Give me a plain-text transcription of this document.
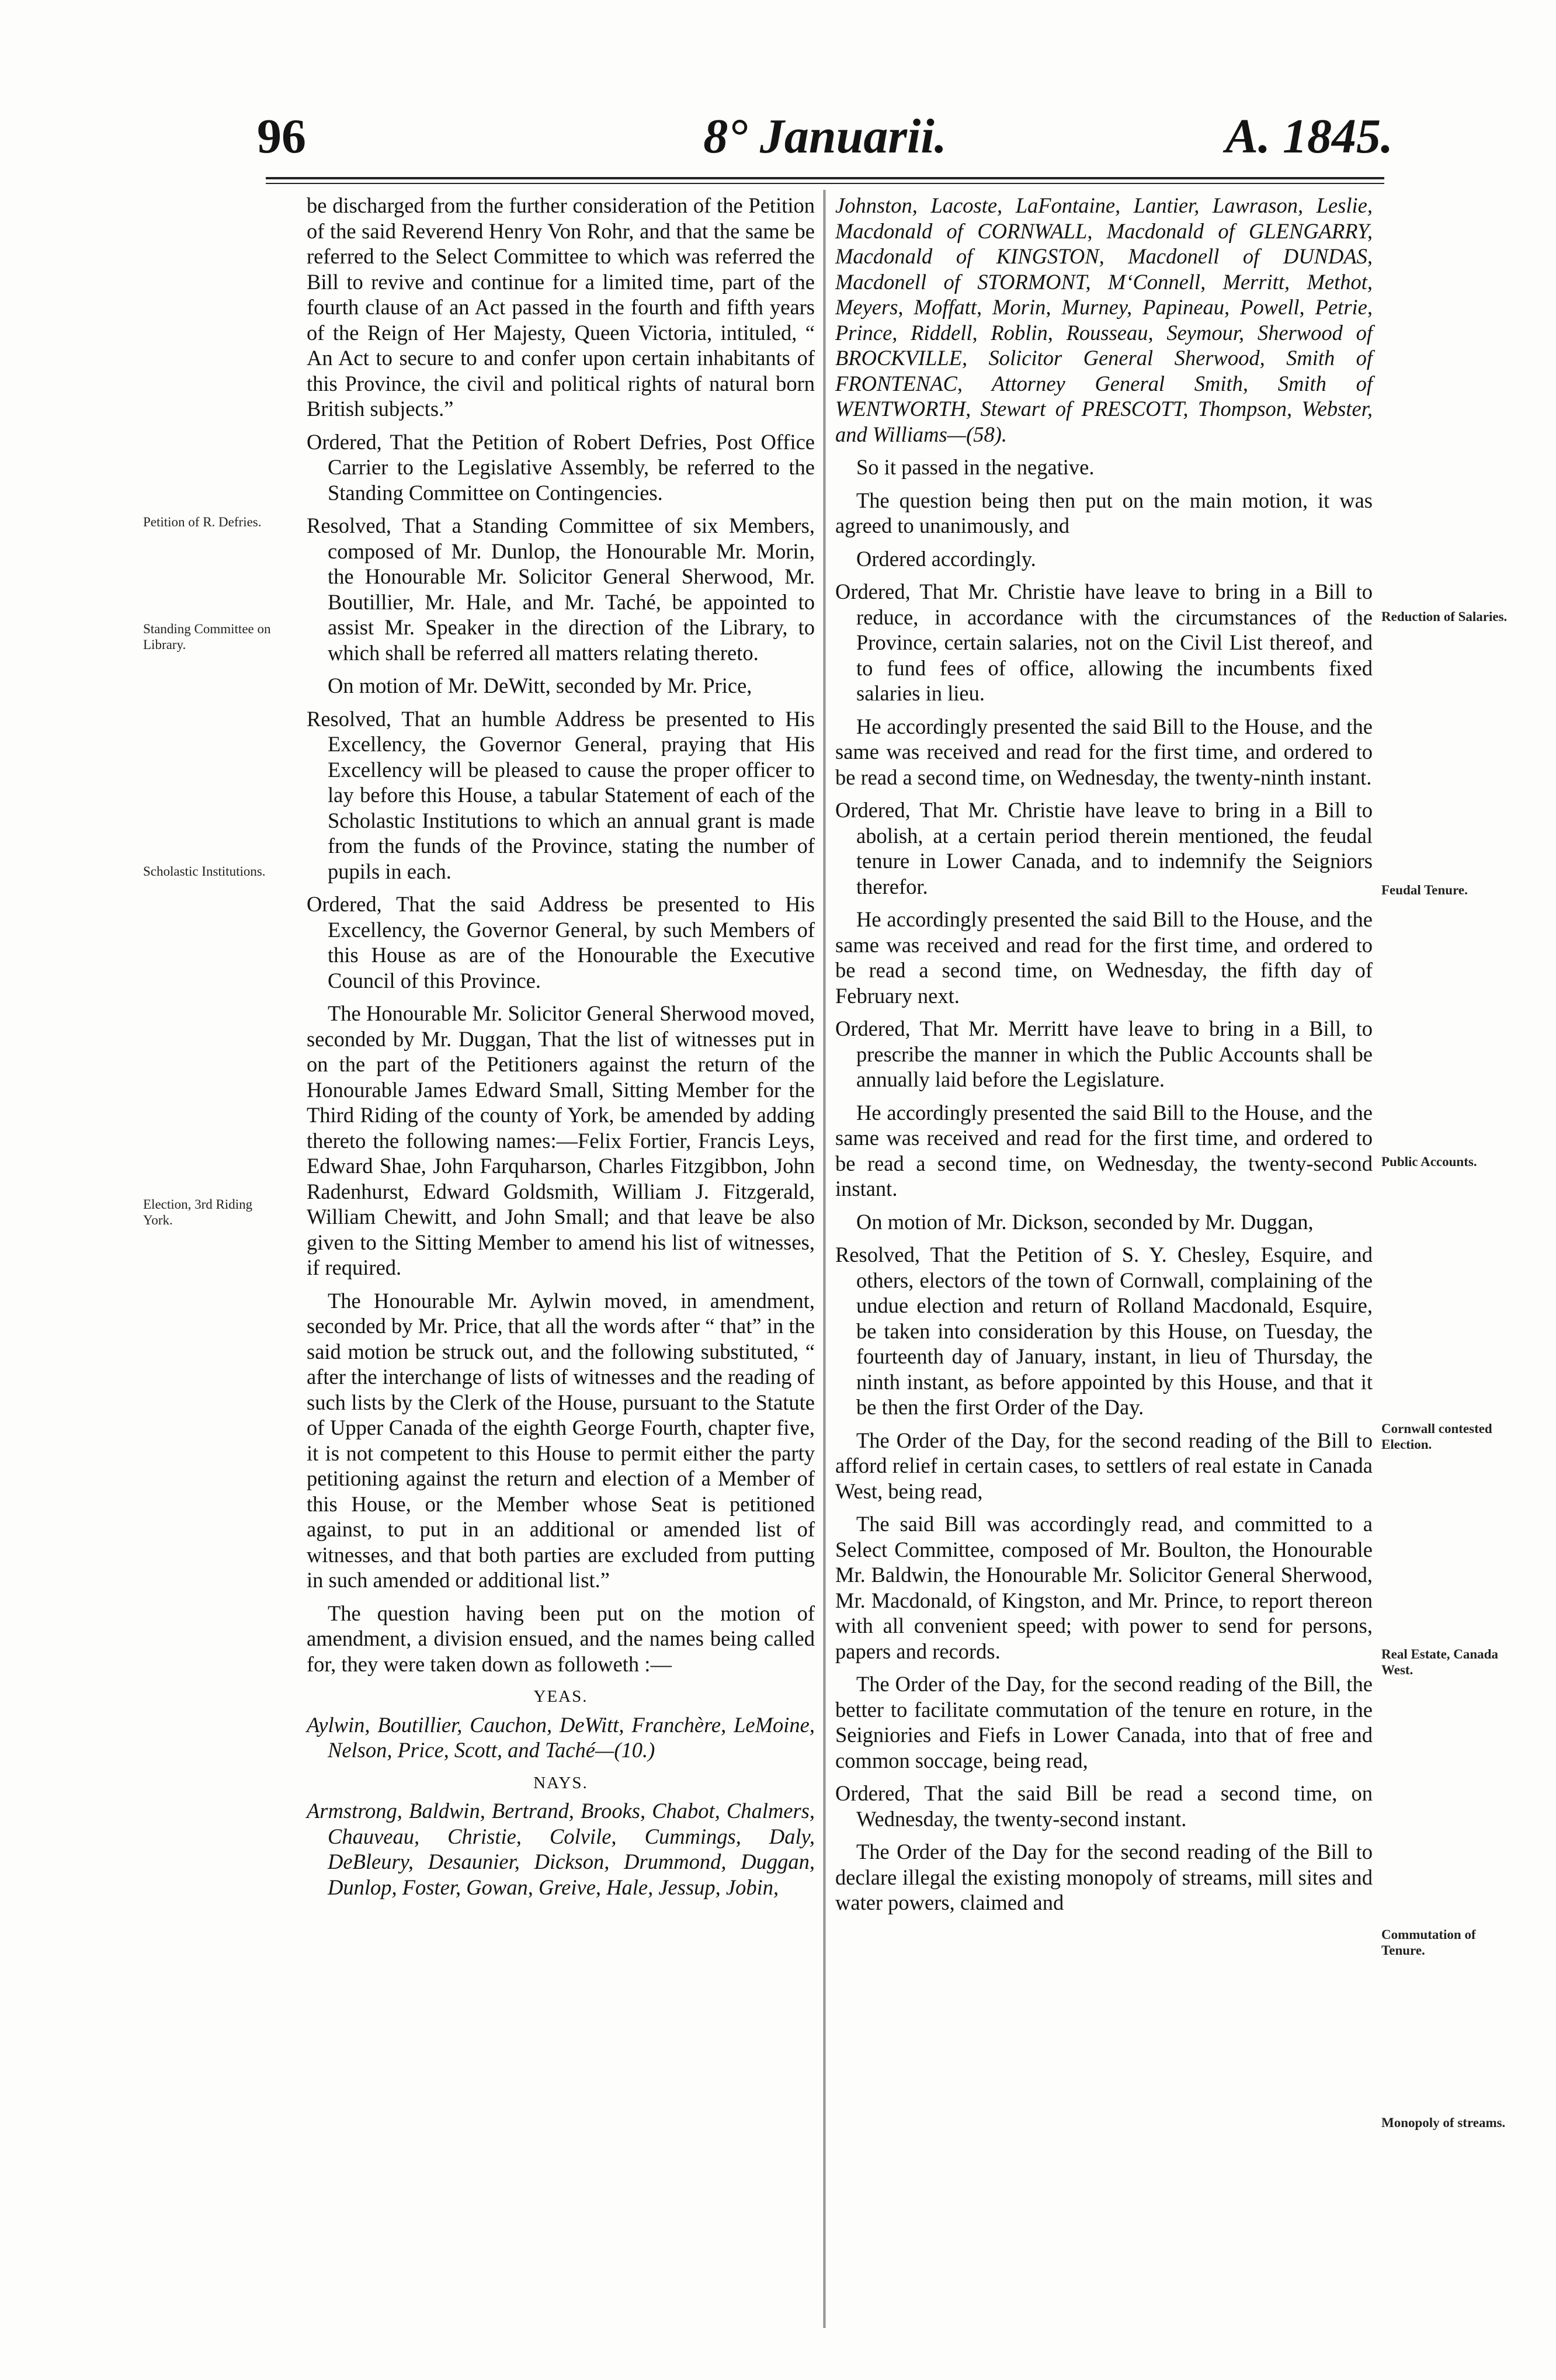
96	8° Januarii.	A. 1845.
Petition of R. Defries.
Standing Committee on Library.
Scholastic Institutions.
Election, 3rd Riding York.
Reduction of Salaries.
Feudal Tenure.
Public Accounts.
Cornwall contested Election.
Real Estate, Canada West.
Commutation of Tenure.
Monopoly of streams.

be discharged from the further consideration of the Petition of the said Reverend Henry Von Rohr, and that the same be referred to the Select Committee to which was referred the Bill to revive and continue for a limited time, part of the fourth clause of an Act passed in the fourth and fifth years of the Reign of Her Majesty, Queen Victoria, intituled, “ An Act to secure to and confer upon certain inhabitants of this Province, the civil and political rights of natural born British subjects.”

Ordered, That the Petition of Robert Defries, Post Office Carrier to the Legislative Assembly, be referred to the Standing Committee on Contingencies.

Resolved, That a Standing Committee of six Members, composed of Mr. Dunlop, the Honourable Mr. Morin, the Honourable Mr. Solicitor General Sherwood, Mr. Boutillier, Mr. Hale, and Mr. Taché, be appointed to assist Mr. Speaker in the direction of the Library, to which shall be referred all matters relating thereto.

On motion of Mr. DeWitt, seconded by Mr. Price,

Resolved, That an humble Address be presented to His Excellency, the Governor General, praying that His Excellency will be pleased to cause the proper officer to lay before this House, a tabular Statement of each of the Scholastic Institutions to which an annual grant is made from the funds of the Province, stating the number of pupils in each.

Ordered, That the said Address be presented to His Excellency, the Governor General, by such Members of this House as are of the Honourable the Executive Council of this Province.

The Honourable Mr. Solicitor General Sherwood moved, seconded by Mr. Duggan, That the list of witnesses put in on the part of the Petitioners against the return of the Honourable James Edward Small, Sitting Member for the Third Riding of the county of York, be amended by adding thereto the following names:—Felix Fortier, Francis Leys, Edward Shae, John Farquharson, Charles Fitzgibbon, John Radenhurst, Edward Goldsmith, William J. Fitzgerald, William Chewitt, and John Small; and that leave be also given to the Sitting Member to amend his list of witnesses, if required.

The Honourable Mr. Aylwin moved, in amendment, seconded by Mr. Price, that all the words after “ that” in the said motion be struck out, and the following substituted, “ after the interchange of lists of witnesses and the reading of such lists by the Clerk of the House, pursuant to the Statute of Upper Canada of the eighth George Fourth, chapter five, it is not competent to this House to permit either the party petitioning against the return and election of a Member of this House, or the Member whose Seat is petitioned against, to put in an additional or amended list of witnesses, and that both parties are excluded from putting in such amended or additional list.”

The question having been put on the motion of amendment, a division ensued, and the names being called for, they were taken down as followeth :—

YEAS.

Aylwin, Boutillier, Cauchon, DeWitt, Franchère, LeMoine, Nelson, Price, Scott, and Taché—(10.)

NAYS.

Armstrong, Baldwin, Bertrand, Brooks, Chabot, Chalmers, Chauveau, Christie, Colvile, Cummings, Daly, DeBleury, Desaunier, Dickson, Drummond, Duggan, Dunlop, Foster, Gowan, Greive, Hale, Jessup, Jobin,

Johnston, Lacoste, LaFontaine, Lantier, Lawrason, Leslie, Macdonald of CORNWALL, Macdonald of GLENGARRY, Macdonald of KINGSTON, Macdonell of DUNDAS, Macdonell of STORMONT, M‘Connell, Merritt, Methot, Meyers, Moffatt, Morin, Murney, Papineau, Powell, Petrie, Prince, Riddell, Roblin, Rousseau, Seymour, Sherwood of BROCKVILLE, Solicitor General Sherwood, Smith of FRONTENAC, Attorney General Smith, Smith of WENTWORTH, Stewart of PRESCOTT, Thompson, Webster, and Williams—(58).

So it passed in the negative.

The question being then put on the main motion, it was agreed to unanimously, and

Ordered accordingly.

Ordered, That Mr. Christie have leave to bring in a Bill to reduce, in accordance with the circumstances of the Province, certain salaries, not on the Civil List thereof, and to fund fees of office, allowing the incumbents fixed salaries in lieu.

He accordingly presented the said Bill to the House, and the same was received and read for the first time, and ordered to be read a second time, on Wednesday, the twenty-ninth instant.

Ordered, That Mr. Christie have leave to bring in a Bill to abolish, at a certain period therein mentioned, the feudal tenure in Lower Canada, and to indemnify the Seigniors therefor.

He accordingly presented the said Bill to the House, and the same was received and read for the first time, and ordered to be read a second time, on Wednesday, the fifth day of February next.

Ordered, That Mr. Merritt have leave to bring in a Bill, to prescribe the manner in which the Public Accounts shall be annually laid before the Legislature.

He accordingly presented the said Bill to the House, and the same was received and read for the first time, and ordered to be read a second time, on Wednesday, the twenty-second instant.

On motion of Mr. Dickson, seconded by Mr. Duggan,

Resolved, That the Petition of S. Y. Chesley, Esquire, and others, electors of the town of Cornwall, complaining of the undue election and return of Rolland Macdonald, Esquire, be taken into consideration by this House, on Tuesday, the fourteenth day of January, instant, in lieu of Thursday, the ninth instant, as before appointed by this House, and that it be then the first Order of the Day.

The Order of the Day, for the second reading of the Bill to afford relief in certain cases, to settlers of real estate in Canada West, being read,

The said Bill was accordingly read, and committed to a Select Committee, composed of Mr. Boulton, the Honourable Mr. Baldwin, the Honourable Mr. Solicitor General Sherwood, Mr. Macdonald, of Kingston, and Mr. Prince, to report thereon with all convenient speed; with power to send for persons, papers and records.

The Order of the Day, for the second reading of the Bill, the better to facilitate commutation of the tenure en roture, in the Seigniories and Fiefs in Lower Canada, into that of free and common soccage, being read,

Ordered, That the said Bill be read a second time, on Wednesday, the twenty-second instant.

The Order of the Day for the second reading of the Bill to declare illegal the existing monopoly of streams, mill sites and water powers, claimed and
